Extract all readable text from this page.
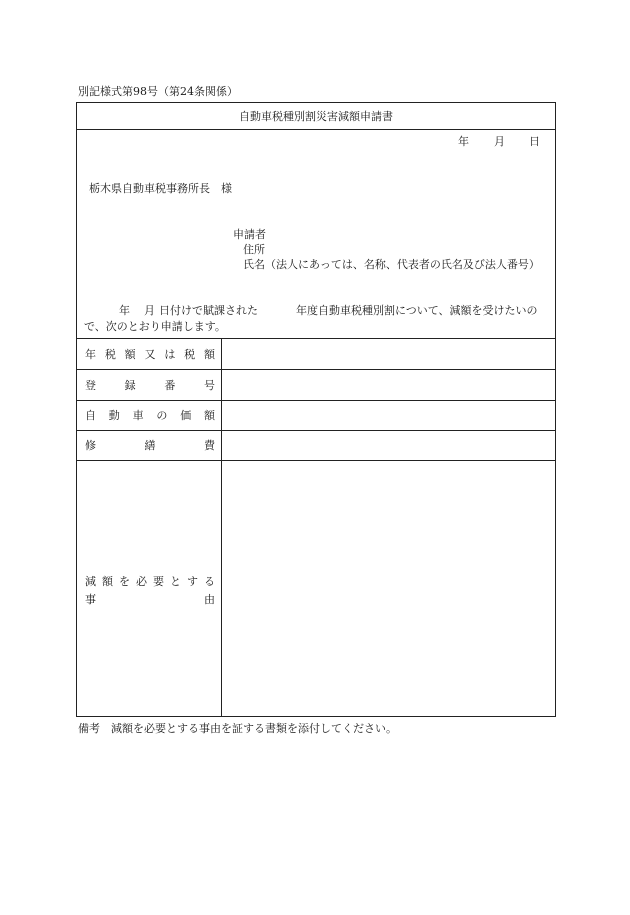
別記様式第98号（第24条関係）
自動車税種別割災害減額申請書
年 月 日
栃木県自動車税事務所長　様
申請者
住所
氏名（法人にあっては、名称、代表者の氏名及び法人番号）
年 月 日付けで賦課された	年度自動車税種別割について、減額を受けたいの
で、次のとおり申請します。
年 税 額 又 は 税 額
登	録	番	号
自 動 車 の 価 額
修	繕	費
減 額 を 必 要 と す る
事	由
備考　減額を必要とする事由を証する書類を添付してください。
